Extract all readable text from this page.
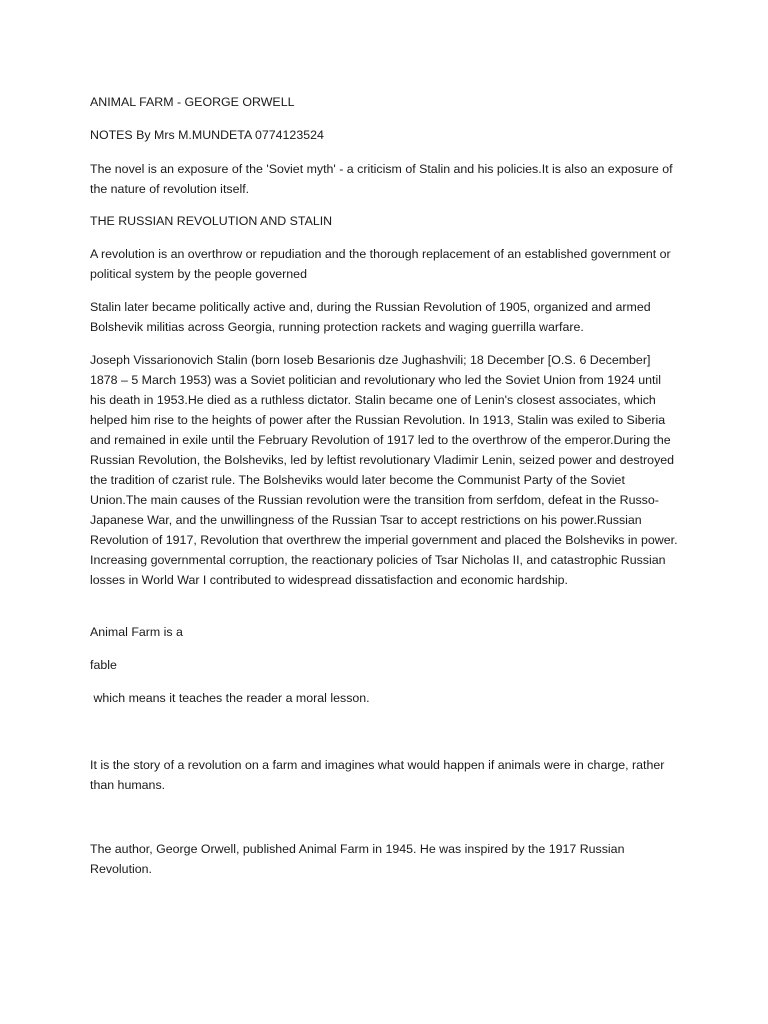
ANIMAL FARM - GEORGE ORWELL

NOTES By Mrs M.MUNDETA 0774123524

The novel is an exposure of the 'Soviet myth' - a criticism of Stalin and his policies.It is also an exposure of the nature of revolution itself.

THE RUSSIAN REVOLUTION AND STALIN

A revolution is an overthrow or repudiation and the thorough replacement of an established government or political system by the people governed

Stalin later became politically active and, during the Russian Revolution of 1905, organized and armed Bolshevik militias across Georgia, running protection rackets and waging guerrilla warfare.

Joseph Vissarionovich Stalin (born Ioseb Besarionis dze Jughashvili; 18 December [O.S. 6 December] 1878 – 5 March 1953) was a Soviet politician and revolutionary who led the Soviet Union from 1924 until his death in 1953.He died as a ruthless dictator. Stalin became one of Lenin's closest associates, which helped him rise to the heights of power after the Russian Revolution. In 1913, Stalin was exiled to Siberia and remained in exile until the February Revolution of 1917 led to the overthrow of the emperor.During the Russian Revolution, the Bolsheviks, led by leftist revolutionary Vladimir Lenin, seized power and destroyed the tradition of czarist rule. The Bolsheviks would later become the Communist Party of the Soviet Union.The main causes of the Russian revolution were the transition from serfdom, defeat in the Russo-Japanese War, and the unwillingness of the Russian Tsar to accept restrictions on his power.Russian Revolution of 1917, Revolution that overthrew the imperial government and placed the Bolsheviks in power. Increasing governmental corruption, the reactionary policies of Tsar Nicholas II, and catastrophic Russian losses in World War I contributed to widespread dissatisfaction and economic hardship.

Animal Farm is a

fable

which means it teaches the reader a moral lesson.

It is the story of a revolution on a farm and imagines what would happen if animals were in charge, rather than humans.

The author, George Orwell, published Animal Farm in 1945. He was inspired by the 1917 Russian Revolution.
